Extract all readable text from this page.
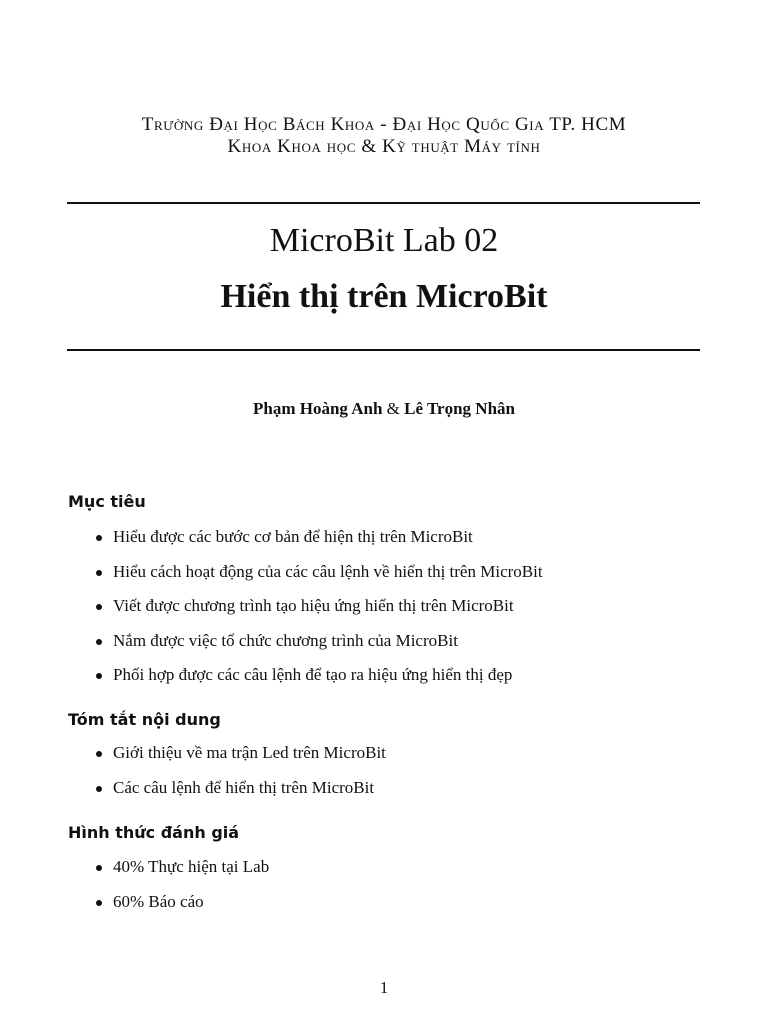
Trường Đại Học Bách Khoa - Đại Học Quốc Gia TP. HCM
Khoa Khoa học & Kỹ thuật Máy tính
MicroBit Lab 02
Hiển thị trên MicroBit
Phạm Hoàng Anh & Lê Trọng Nhân
Mục tiêu
Hiểu được các bước cơ bản để hiện thị trên MicroBit
Hiểu cách hoạt động của các câu lệnh về hiển thị trên MicroBit
Viết được chương trình tạo hiệu ứng hiển thị trên MicroBit
Nắm được việc tổ chức chương trình của MicroBit
Phối hợp được các câu lệnh để tạo ra hiệu ứng hiển thị đẹp
Tóm tắt nội dung
Giới thiệu về ma trận Led trên MicroBit
Các câu lệnh để hiển thị trên MicroBit
Hình thức đánh giá
40% Thực hiện tại Lab
60% Báo cáo
1
